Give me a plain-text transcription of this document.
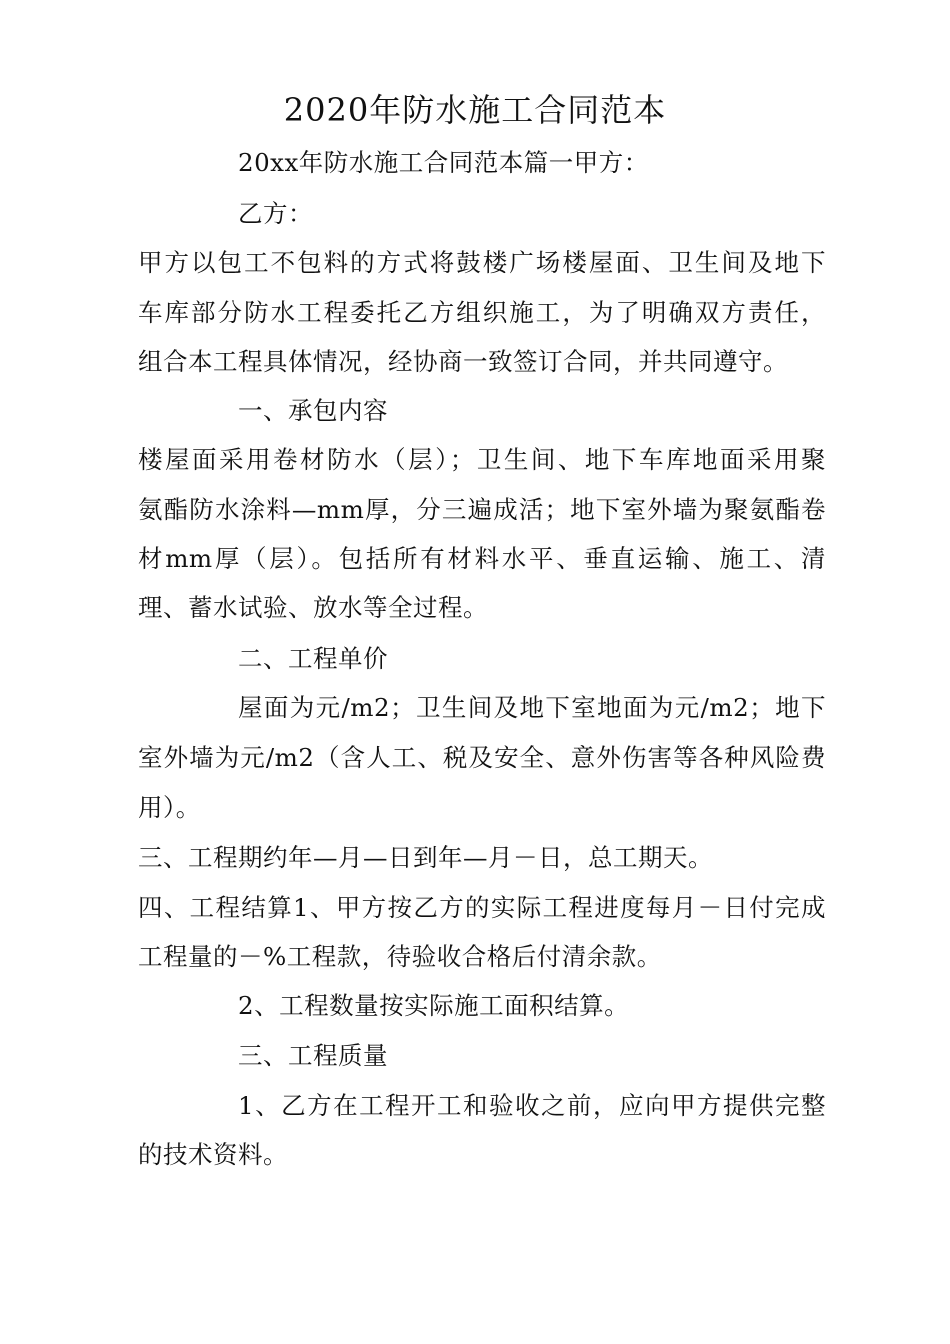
2020年防水施工合同范本
20xx年防水施工合同范本篇一甲方：
乙方：
甲方以包工不包料的方式将鼓楼广场楼屋面、卫生间及地下
车库部分防水工程委托乙方组织施工，为了明确双方责任，
组合本工程具体情况，经协商一致签订合同，并共同遵守。
一、承包内容
楼屋面采用卷材防水（层）；卫生间、地下车库地面采用聚
氨酯防水涂料—mm厚，分三遍成活；地下室外墙为聚氨酯卷
材mm厚（层）。包括所有材料水平、垂直运输、施工、清
理、蓄水试验、放水等全过程。
二、工程单价
屋面为元/m2；卫生间及地下室地面为元/m2；地下
室外墙为元/m2（含人工、税及安全、意外伤害等各种风险费
用）。
三、工程期约年—月—日到年—月－日，总工期天。
四、工程结算1、甲方按乙方的实际工程进度每月－日付完成
工程量的－%工程款，待验收合格后付清余款。
2、工程数量按实际施工面积结算。
三、工程质量
1、乙方在工程开工和验收之前，应向甲方提供完整
的技术资料。
